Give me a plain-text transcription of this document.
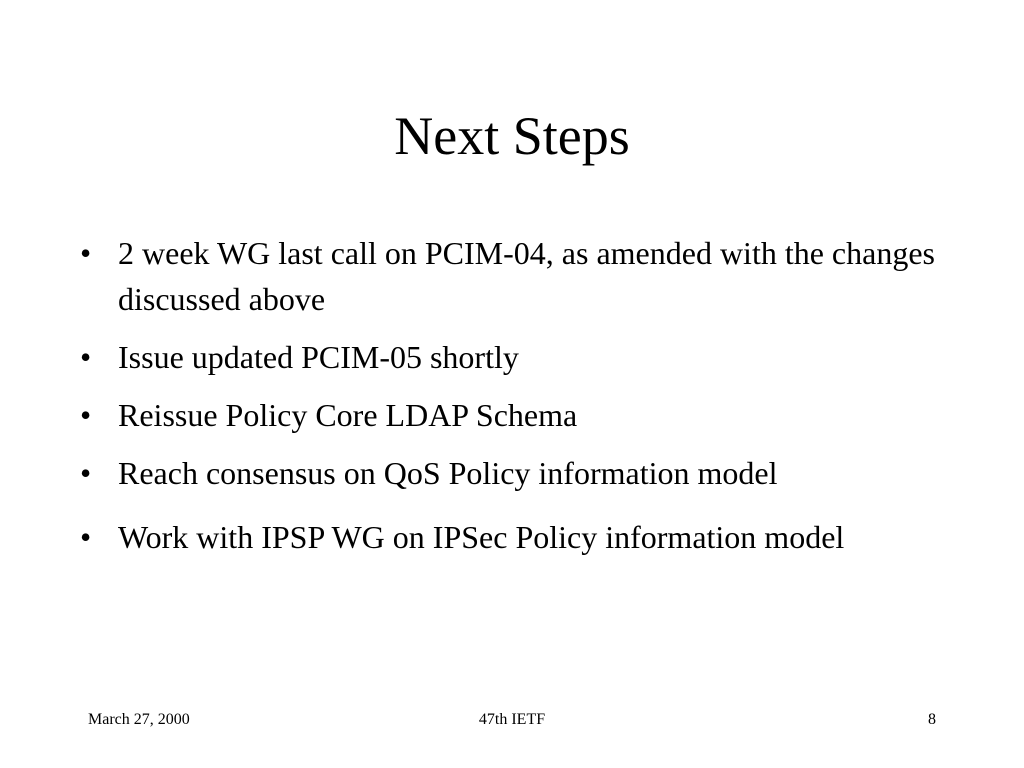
Next Steps
• 2 week WG last call on PCIM-04, as amended with the changes discussed above
• Issue updated PCIM-05 shortly
• Reissue Policy Core LDAP Schema
• Reach consensus on QoS Policy information model
• Work with IPSP WG on IPSec Policy information model
March 27, 2000	47th IETF	8
